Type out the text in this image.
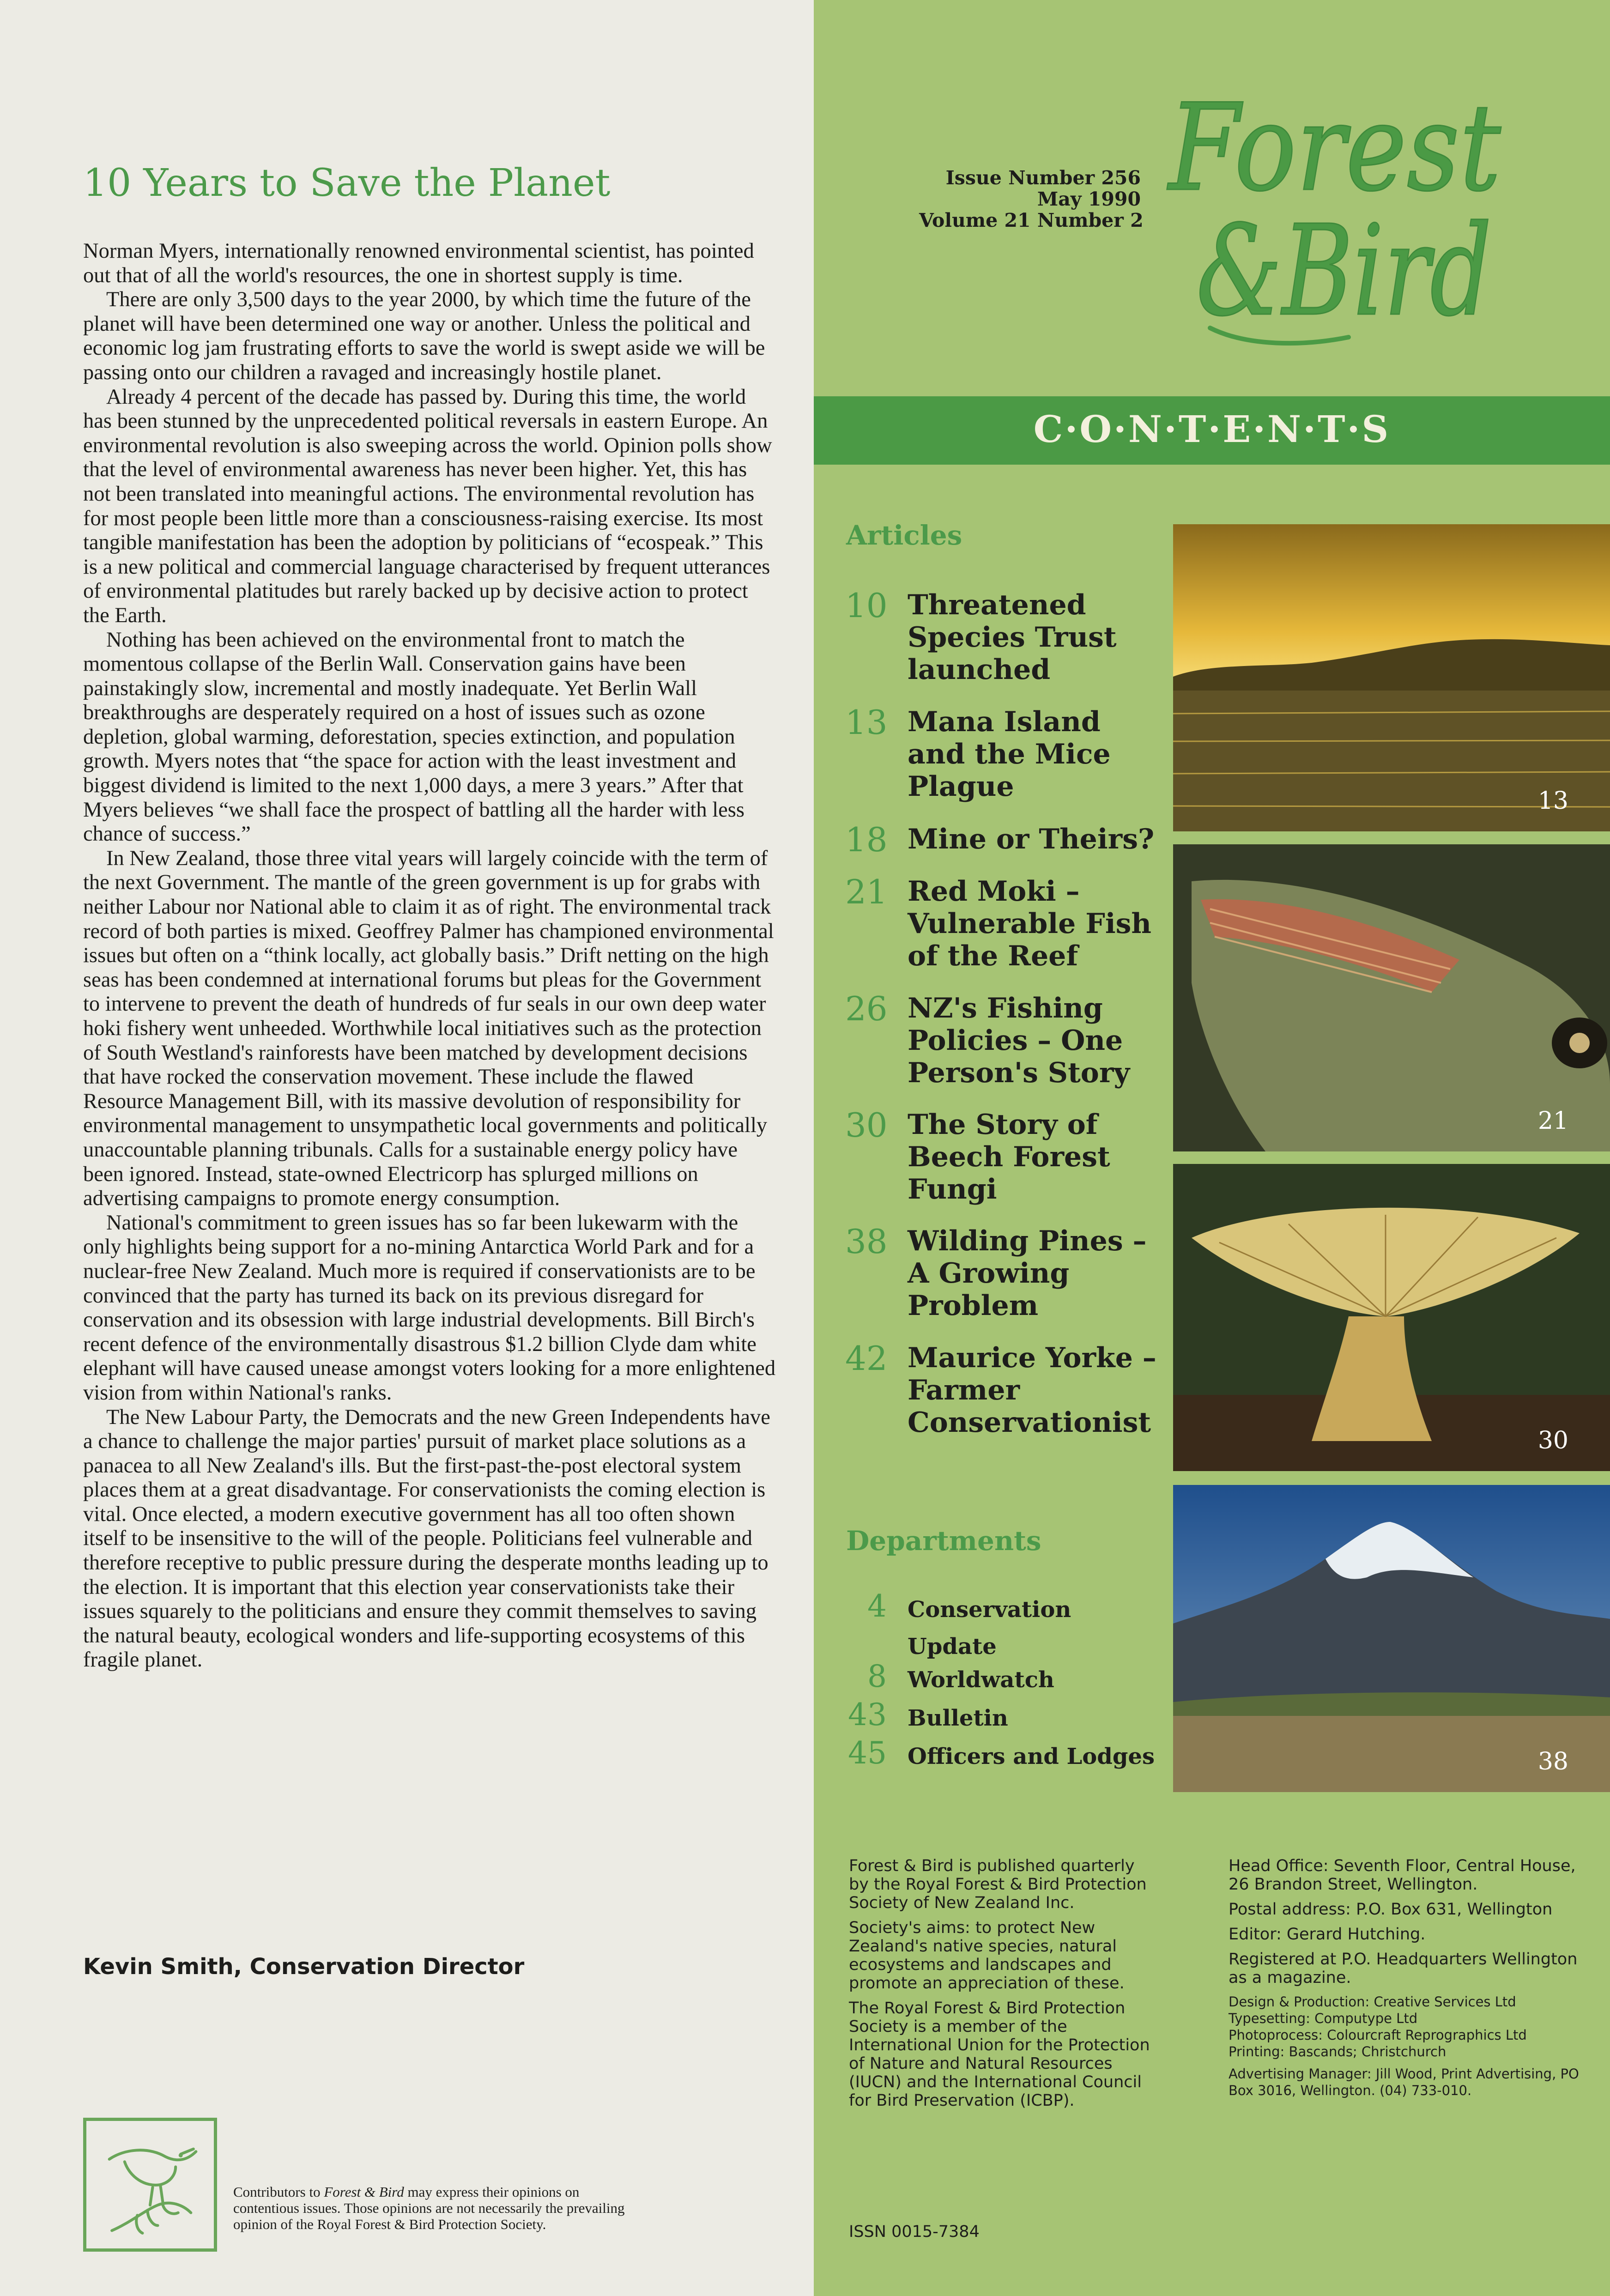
10 Years to Save the Planet

Norman Myers, internationally renowned environmental scientist, has pointed out that of all the world's resources, the one in shortest supply is time.

There are only 3,500 days to the year 2000, by which time the future of the planet will have been determined one way or another. Unless the political and economic log jam frustrating efforts to save the world is swept aside we will be passing onto our children a ravaged and increasingly hostile planet.

Already 4 percent of the decade has passed by. During this time, the world has been stunned by the unprecedented political reversals in eastern Europe. An environmental revolution is also sweeping across the world. Opinion polls show that the level of environmental awareness has never been higher. Yet, this has not been translated into meaningful actions. The environmental revolution has for most people been little more than a consciousness-raising exercise. Its most tangible manifestation has been the adoption by politicians of “ecospeak.” This is a new political and commercial language characterised by frequent utterances of environmental platitudes but rarely backed up by decisive action to protect the Earth.

Nothing has been achieved on the environmental front to match the momentous collapse of the Berlin Wall. Conservation gains have been painstakingly slow, incremental and mostly inadequate. Yet Berlin Wall breakthroughs are desperately required on a host of issues such as ozone depletion, global warming, deforestation, species extinction, and population growth. Myers notes that “the space for action with the least investment and biggest dividend is limited to the next 1,000 days, a mere 3 years.” After that Myers believes “we shall face the prospect of battling all the harder with less chance of success.”

In New Zealand, those three vital years will largely coincide with the term of the next Government. The mantle of the green government is up for grabs with neither Labour nor National able to claim it as of right. The environmental track record of both parties is mixed. Geoffrey Palmer has championed environmental issues but often on a “think locally, act globally basis.” Drift netting on the high seas has been condemned at international forums but pleas for the Government to intervene to prevent the death of hundreds of fur seals in our own deep water hoki fishery went unheeded. Worthwhile local initiatives such as the protection of South Westland's rainforests have been matched by development decisions that have rocked the conservation movement. These include the flawed Resource Management Bill, with its massive devolution of responsibility for environmental management to unsympathetic local governments and politically unaccountable planning tribunals. Calls for a sustainable energy policy have been ignored. Instead, state-owned Electricorp has splurged millions on advertising campaigns to promote energy consumption.

National's commitment to green issues has so far been lukewarm with the only highlights being support for a no-mining Antarctica World Park and for a nuclear-free New Zealand. Much more is required if conservationists are to be convinced that the party has turned its back on its previous disregard for conservation and its obsession with large industrial developments. Bill Birch's recent defence of the environmentally disastrous $1.2 billion Clyde dam white elephant will have caused unease amongst voters looking for a more enlightened vision from within National's ranks.

The New Labour Party, the Democrats and the new Green Independents have a chance to challenge the major parties' pursuit of market place solutions as a panacea to all New Zealand's ills. But the first-past-the-post electoral system places them at a great disadvantage. For conservationists the coming election is vital. Once elected, a modern executive government has all too often shown itself to be insensitive to the will of the people. Politicians feel vulnerable and therefore receptive to public pressure during the desperate months leading up to the election. It is important that this election year conservationists take their issues squarely to the politicians and ensure they commit themselves to saving the natural beauty, ecological wonders and life-supporting ecosystems of this fragile planet.

Kevin Smith, Conservation Director
Contributors to Forest & Bird may express their opinions on contentious issues. Those opinions are not necessarily the prevailing opinion of the Royal Forest & Bird Protection Society.
Issue Number 256
May 1990
Volume 21 Number 2
Forest
&Bird
C·O·N·T·E·N·T·S
Articles
10 Threatened Species Trust launched
13 Mana Island and the Mice Plague
18 Mine or Theirs?
21 Red Moki – Vulnerable Fish of the Reef
26 NZ's Fishing Policies – One Person's Story
30 The Story of Beech Forest Fungi
38 Wilding Pines – A Growing Problem
42 Maurice Yorke – Farmer Conservationist
Departments
4 Conservation Update
8 Worldwatch
43 Bulletin
45 Officers and Lodges
13
21
30
38

Forest & Bird is published quarterly by the Royal Forest & Bird Protection Society of New Zealand Inc.

Society's aims: to protect New Zealand's native species, natural ecosystems and landscapes and promote an appreciation of these.

The Royal Forest & Bird Protection Society is a member of the International Union for the Protection of Nature and Natural Resources (IUCN) and the International Council for Bird Preservation (ICBP).

Head Office: Seventh Floor, Central House, 26 Brandon Street, Wellington.

Postal address: P.O. Box 631, Wellington

Editor: Gerard Hutching.

Registered at P.O. Headquarters Wellington as a magazine.

Design & Production: Creative Services Ltd

Typesetting: Computype Ltd

Photoprocess: Colourcraft Reprographics Ltd

Printing: Bascands; Christchurch

Advertising Manager: Jill Wood, Print Advertising, PO Box 3016, Wellington. (04) 733-010.

ISSN 0015-7384
